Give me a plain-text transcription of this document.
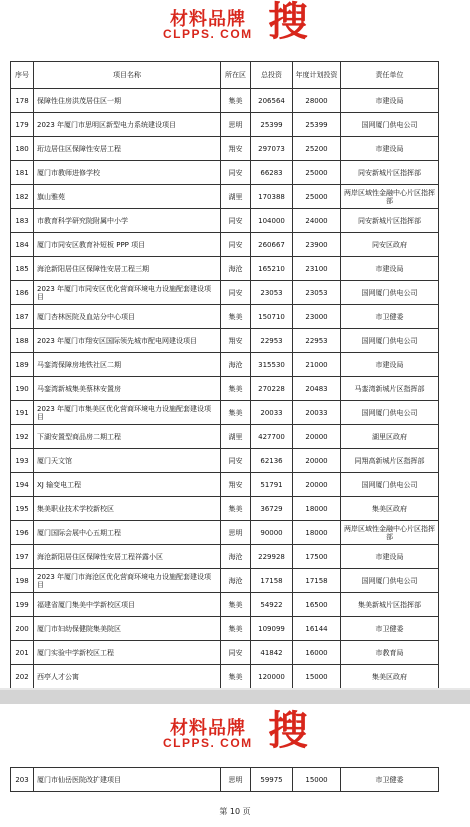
材料品牌
CLPPS. COM 搜
序号	项目名称	所在区	总投资	年度计划投资	责任单位
178	保障性住房洪茂居住区一期	集美	206564	28000	市建设局
179	2023 年厦门市思明区新型电力系统建设项目	思明	25399	25399	国网厦门供电公司
180	珩边居住区保障性安居工程	翔安	297073	25200	市建设局
181	厦门市教师进修学校	同安	66283	25000	同安新城片区指挥部
182	旗山雅苑	湖里	170388	25000	两岸区域性金融中心片区指挥部
183	市教育科学研究院附属中小学	同安	104000	24000	同安新城片区指挥部
184	厦门市同安区教育补短板 PPP 项目	同安	260667	23900	同安区政府
185	海沧新阳居住区保障性安居工程三期	海沧	165210	23100	市建设局
186	2023 年厦门市同安区优化营商环境电力设施配套建设项目	同安	23053	23053	国网厦门供电公司
187	厦门杏林医院及血站分中心项目	集美	150710	23000	市卫健委
188	2023 年厦门市翔安区国际领先城市配电网建设项目	翔安	22953	22953	国网厦门供电公司
189	马銮湾保障房地铁社区二期	海沧	315530	21000	市建设局
190	马銮湾新城集美蔡林安置房	集美	270228	20483	马銮湾新城片区指挥部
191	2023 年厦门市集美区优化营商环境电力设施配套建设项目	集美	20033	20033	国网厦门供电公司
192	下湖安置型商品房二期工程	湖里	427700	20000	湖里区政府
193	厦门天文馆	同安	62136	20000	同翔高新城片区指挥部
194	XJ 输变电工程	翔安	51791	20000	国网厦门供电公司
195	集美职业技术学校新校区	集美	36729	18000	集美区政府
196	厦门国际会展中心五期工程	思明	90000	18000	两岸区域性金融中心片区指挥部
197	海沧新阳居住区保障性安居工程祥露小区	海沧	229928	17500	市建设局
198	2023 年厦门市海沧区优化营商环境电力设施配套建设项目	海沧	17158	17158	国网厦门供电公司
199	福建省厦门集美中学新校区项目	集美	54922	16500	集美新城片区指挥部
200	厦门市妇幼保健院集美院区	集美	109099	16144	市卫健委
201	厦门实验中学新校区工程	同安	41842	16000	市教育局
202	西亭人才公寓	集美	120000	15000	集美区政府
材料品牌
CLPPS. COM 搜
203	厦门市仙岳医院改扩建项目	思明	59975	15000	市卫健委
第 10 页
